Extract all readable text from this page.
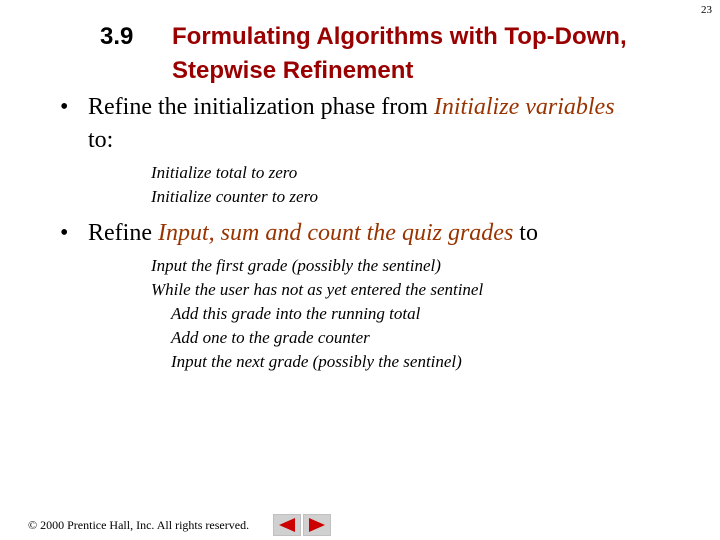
23
3.9	Formulating Algorithms with Top-Down, Stepwise Refinement
• Refine the initialization phase from Initialize variables to:
Initialize total to zero
Initialize counter to zero
• Refine Input, sum and count the quiz grades to
Input the first grade (possibly the sentinel)
While the user has not as yet entered the sentinel
Add this grade into the running total
Add one to the grade counter
Input the next grade (possibly the sentinel)
© 2000 Prentice Hall, Inc. All rights reserved.
